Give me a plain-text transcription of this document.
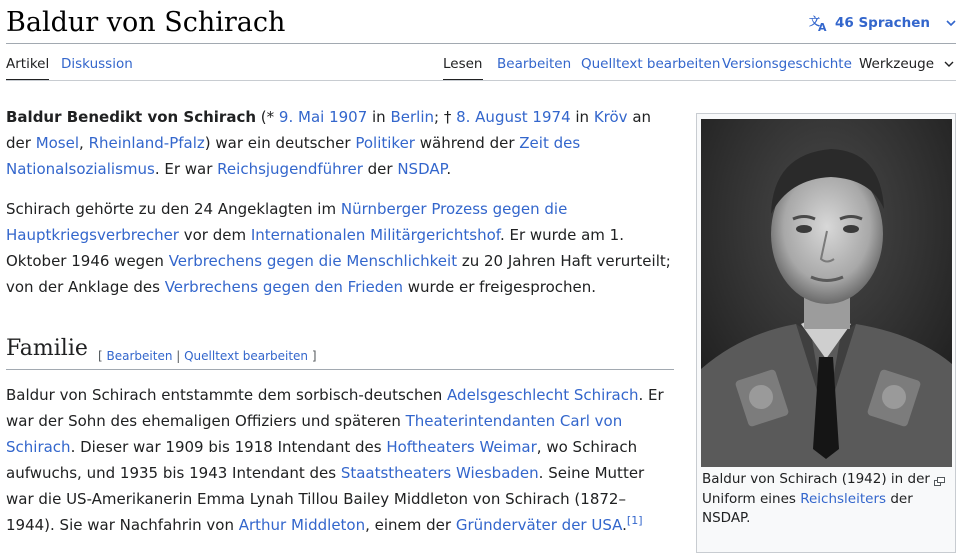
Baldur von Schirach	文
A 46 Sprachen
Artikel Diskussion	Lesen Bearbeiten Quelltext bearbeiten Versionsgeschichte Werkzeuge

Baldur Benedikt von Schirach (* 9. Mai 1907 in Berlin; † 8. August 1974 in Kröv an der Mosel, Rheinland-Pfalz) war ein deutscher Politiker während der Zeit des Nationalsozialismus. Er war Reichsjugendführer der NSDAP.

Schirach gehörte zu den 24 Angeklagten im Nürnberger Prozess gegen die Hauptkriegsverbrecher vor dem Internationalen Militärgerichtshof. Er wurde am 1. Oktober 1946 wegen Verbrechens gegen die Menschlichkeit zu 20 Jahren Haft verurteilt; von der Anklage des Verbrechens gegen den Frieden wurde er freigesprochen.

Familie [ Bearbeiten | Quelltext bearbeiten ]

Baldur von Schirach entstammte dem sorbisch-deutschen Adelsgeschlecht Schirach. Er war der Sohn des ehemaligen Offiziers und späteren Theaterintendanten Carl von Schirach. Dieser war 1909 bis 1918 Intendant des Hoftheaters Weimar, wo Schirach aufwuchs, und 1935 bis 1943 Intendant des Staatstheaters Wiesbaden. Seine Mutter war die US-Amerikanerin Emma Lynah Tillou Bailey Middleton von Schirach (1872–1944). Sie war Nachfahrin von Arthur Middleton, einem der Gründerväter der USA.[1]

Baldur von Schirach (1942) in der Uniform eines Reichsleiters der NSDAP.
